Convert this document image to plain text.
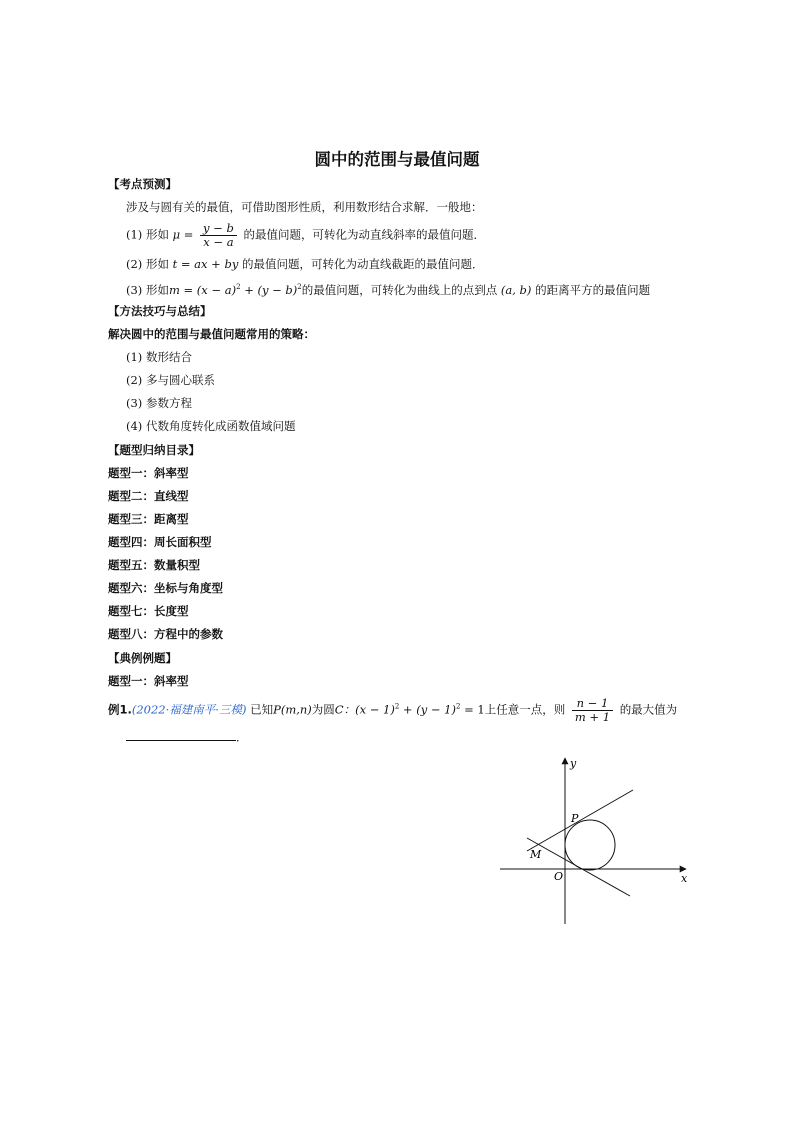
圆中的范围与最值问题
【考点预测】
涉及与圆有关的最值，可借助图形性质，利用数形结合求解．一般地：
(1) 形如 $\mu = \frac{y - b}{x - a}$ 的最值问题，可转化为动直线斜率的最值问题．
(2) 形如 t = ax + by 的最值问题，可转化为动直线截距的最值问题．
(3) 形如$m = (x - a)^2 + (y - b)^2$的最值问题，可转化为曲线上的点到点 (a, b) 的距离平方的最值问题
【方法技巧与总结】
解决圆中的范围与最值问题常用的策略：
(1) 数形结合
(2) 多与圆心联系
(3) 参数方程
(4) 代数角度转化成函数值域问题
【题型归纳目录】
题型一：斜率型
题型二：直线型
题型三：距离型
题型四：周长面积型
题型五：数量积型
题型六：坐标与角度型
题型七：长度型
题型八：方程中的参数
【典例例题】
题型一：斜率型
例1.(2022·福建南平·三模) 已知P(m,n)为圆C：$(x - 1)^2 + (y - 1)^2 = 1$上任意一点，则 $\frac{n - 1}{m + 1}$ 的最大值为
．
y
x
O
P
M
